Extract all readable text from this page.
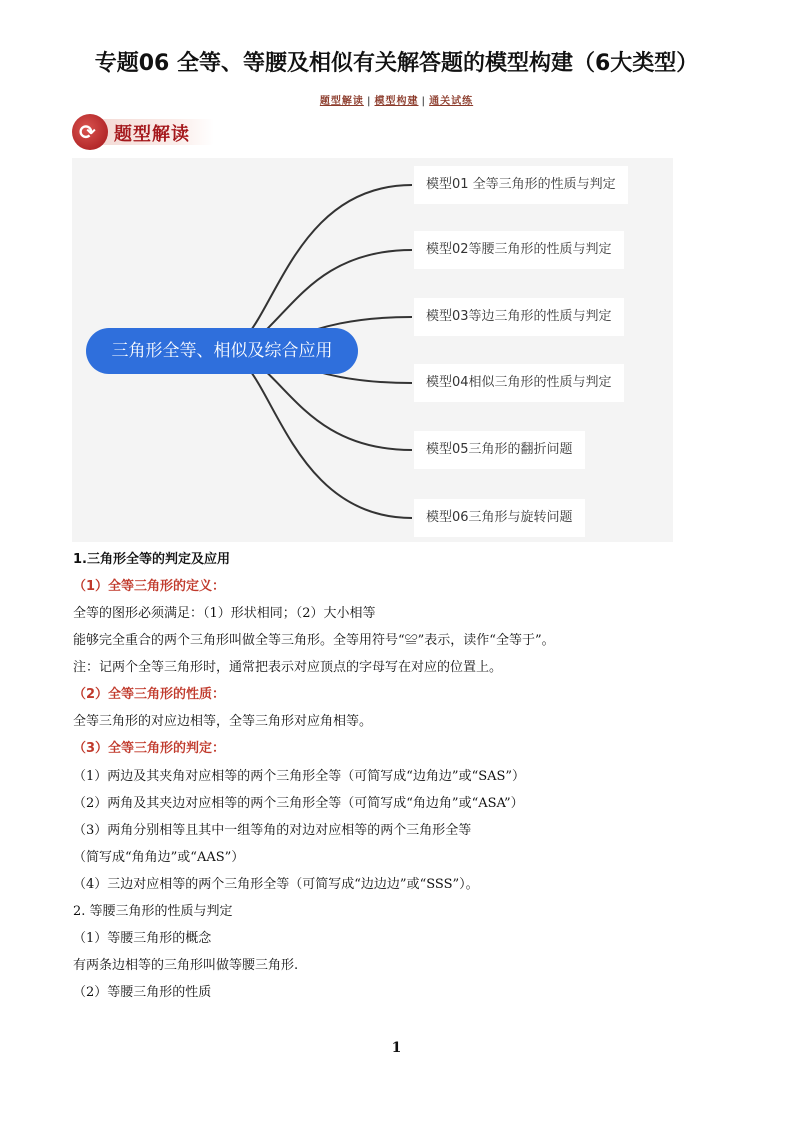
专题06 全等、等腰及相似有关解答题的模型构建（6大类型）
题型解读 | 模型构建 | 通关试练
⟳ 题型解读
三角形全等、相似及综合应用
模型01 全等三角形的性质与判定
模型02等腰三角形的性质与判定
模型03等边三角形的性质与判定
模型04相似三角形的性质与判定
模型05三角形的翻折问题
模型06三角形与旋转问题
1.三角形全等的判定及应用
（1）全等三角形的定义：
全等的图形必须满足：（1）形状相同；（2）大小相等
能够完全重合的两个三角形叫做全等三角形。全等用符号“≌”表示，读作“全等于”。
注：记两个全等三角形时，通常把表示对应顶点的字母写在对应的位置上。
（2）全等三角形的性质：
全等三角形的对应边相等，全等三角形对应角相等。
（3）全等三角形的判定：
（1）两边及其夹角对应相等的两个三角形全等（可简写成“边角边”或“SAS”）
（2）两角及其夹边对应相等的两个三角形全等（可简写成“角边角”或“ASA”）
（3）两角分别相等且其中一组等角的对边对应相等的两个三角形全等
（简写成“角角边”或“AAS”）
（4）三边对应相等的两个三角形全等（可简写成“边边边”或“SSS”）。
2. 等腰三角形的性质与判定
（1）等腰三角形的概念
有两条边相等的三角形叫做等腰三角形.
（2）等腰三角形的性质
1
